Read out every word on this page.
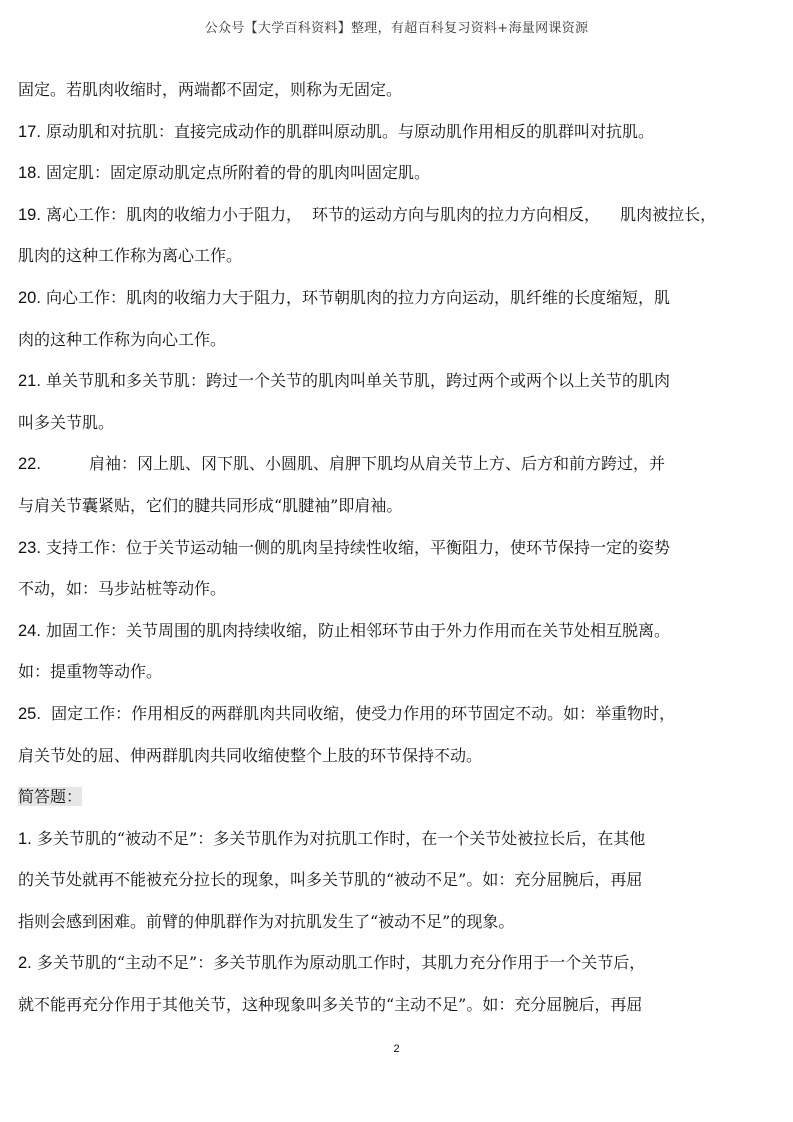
公众号【大学百科资料】整理，有超百科复习资料+海量网课资源
固定。若肌肉收缩时，两端都不固定，则称为无固定。
17. 原动肌和对抗肌：直接完成动作的肌群叫原动肌。与原动肌作用相反的肌群叫对抗肌。
18. 固定肌：固定原动肌定点所附着的骨的肌肉叫固定肌。
19. 离心工作：肌肉的收缩力小于阻力， 环节的运动方向与肌肉的拉力方向相反， 肌肉被拉长，
肌肉的这种工作称为离心工作。
20. 向心工作：肌肉的收缩力大于阻力，环节朝肌肉的拉力方向运动，肌纤维的长度缩短，肌
肉的这种工作称为向心工作。
21. 单关节肌和多关节肌：跨过一个关节的肌肉叫单关节肌，跨过两个或两个以上关节的肌肉
叫多关节肌。
22.	肩袖：冈上肌、冈下肌、小圆肌、肩胛下肌均从肩关节上方、后方和前方跨过，并
与肩关节囊紧贴，它们的腱共同形成“肌腱袖”即肩袖。
23. 支持工作：位于关节运动轴一侧的肌肉呈持续性收缩，平衡阻力，使环节保持一定的姿势
不动，如：马步站桩等动作。
24. 加固工作：关节周围的肌肉持续收缩，防止相邻环节由于外力作用而在关节处相互脱离。
如：提重物等动作。
25. 固定工作：作用相反的两群肌肉共同收缩，使受力作用的环节固定不动。如：举重物时，
肩关节处的屈、伸两群肌肉共同收缩使整个上肢的环节保持不动。
简答题：
1. 多关节肌的“被动不足”：多关节肌作为对抗肌工作时，在一个关节处被拉长后，在其他
的关节处就再不能被充分拉长的现象，叫多关节肌的“被动不足”。如：充分屈腕后，再屈
指则会感到困难。前臂的伸肌群作为对抗肌发生了“被动不足”的现象。
2. 多关节肌的“主动不足”：多关节肌作为原动肌工作时，其肌力充分作用于一个关节后，
就不能再充分作用于其他关节，这种现象叫多关节的“主动不足”。如：充分屈腕后，再屈
2
